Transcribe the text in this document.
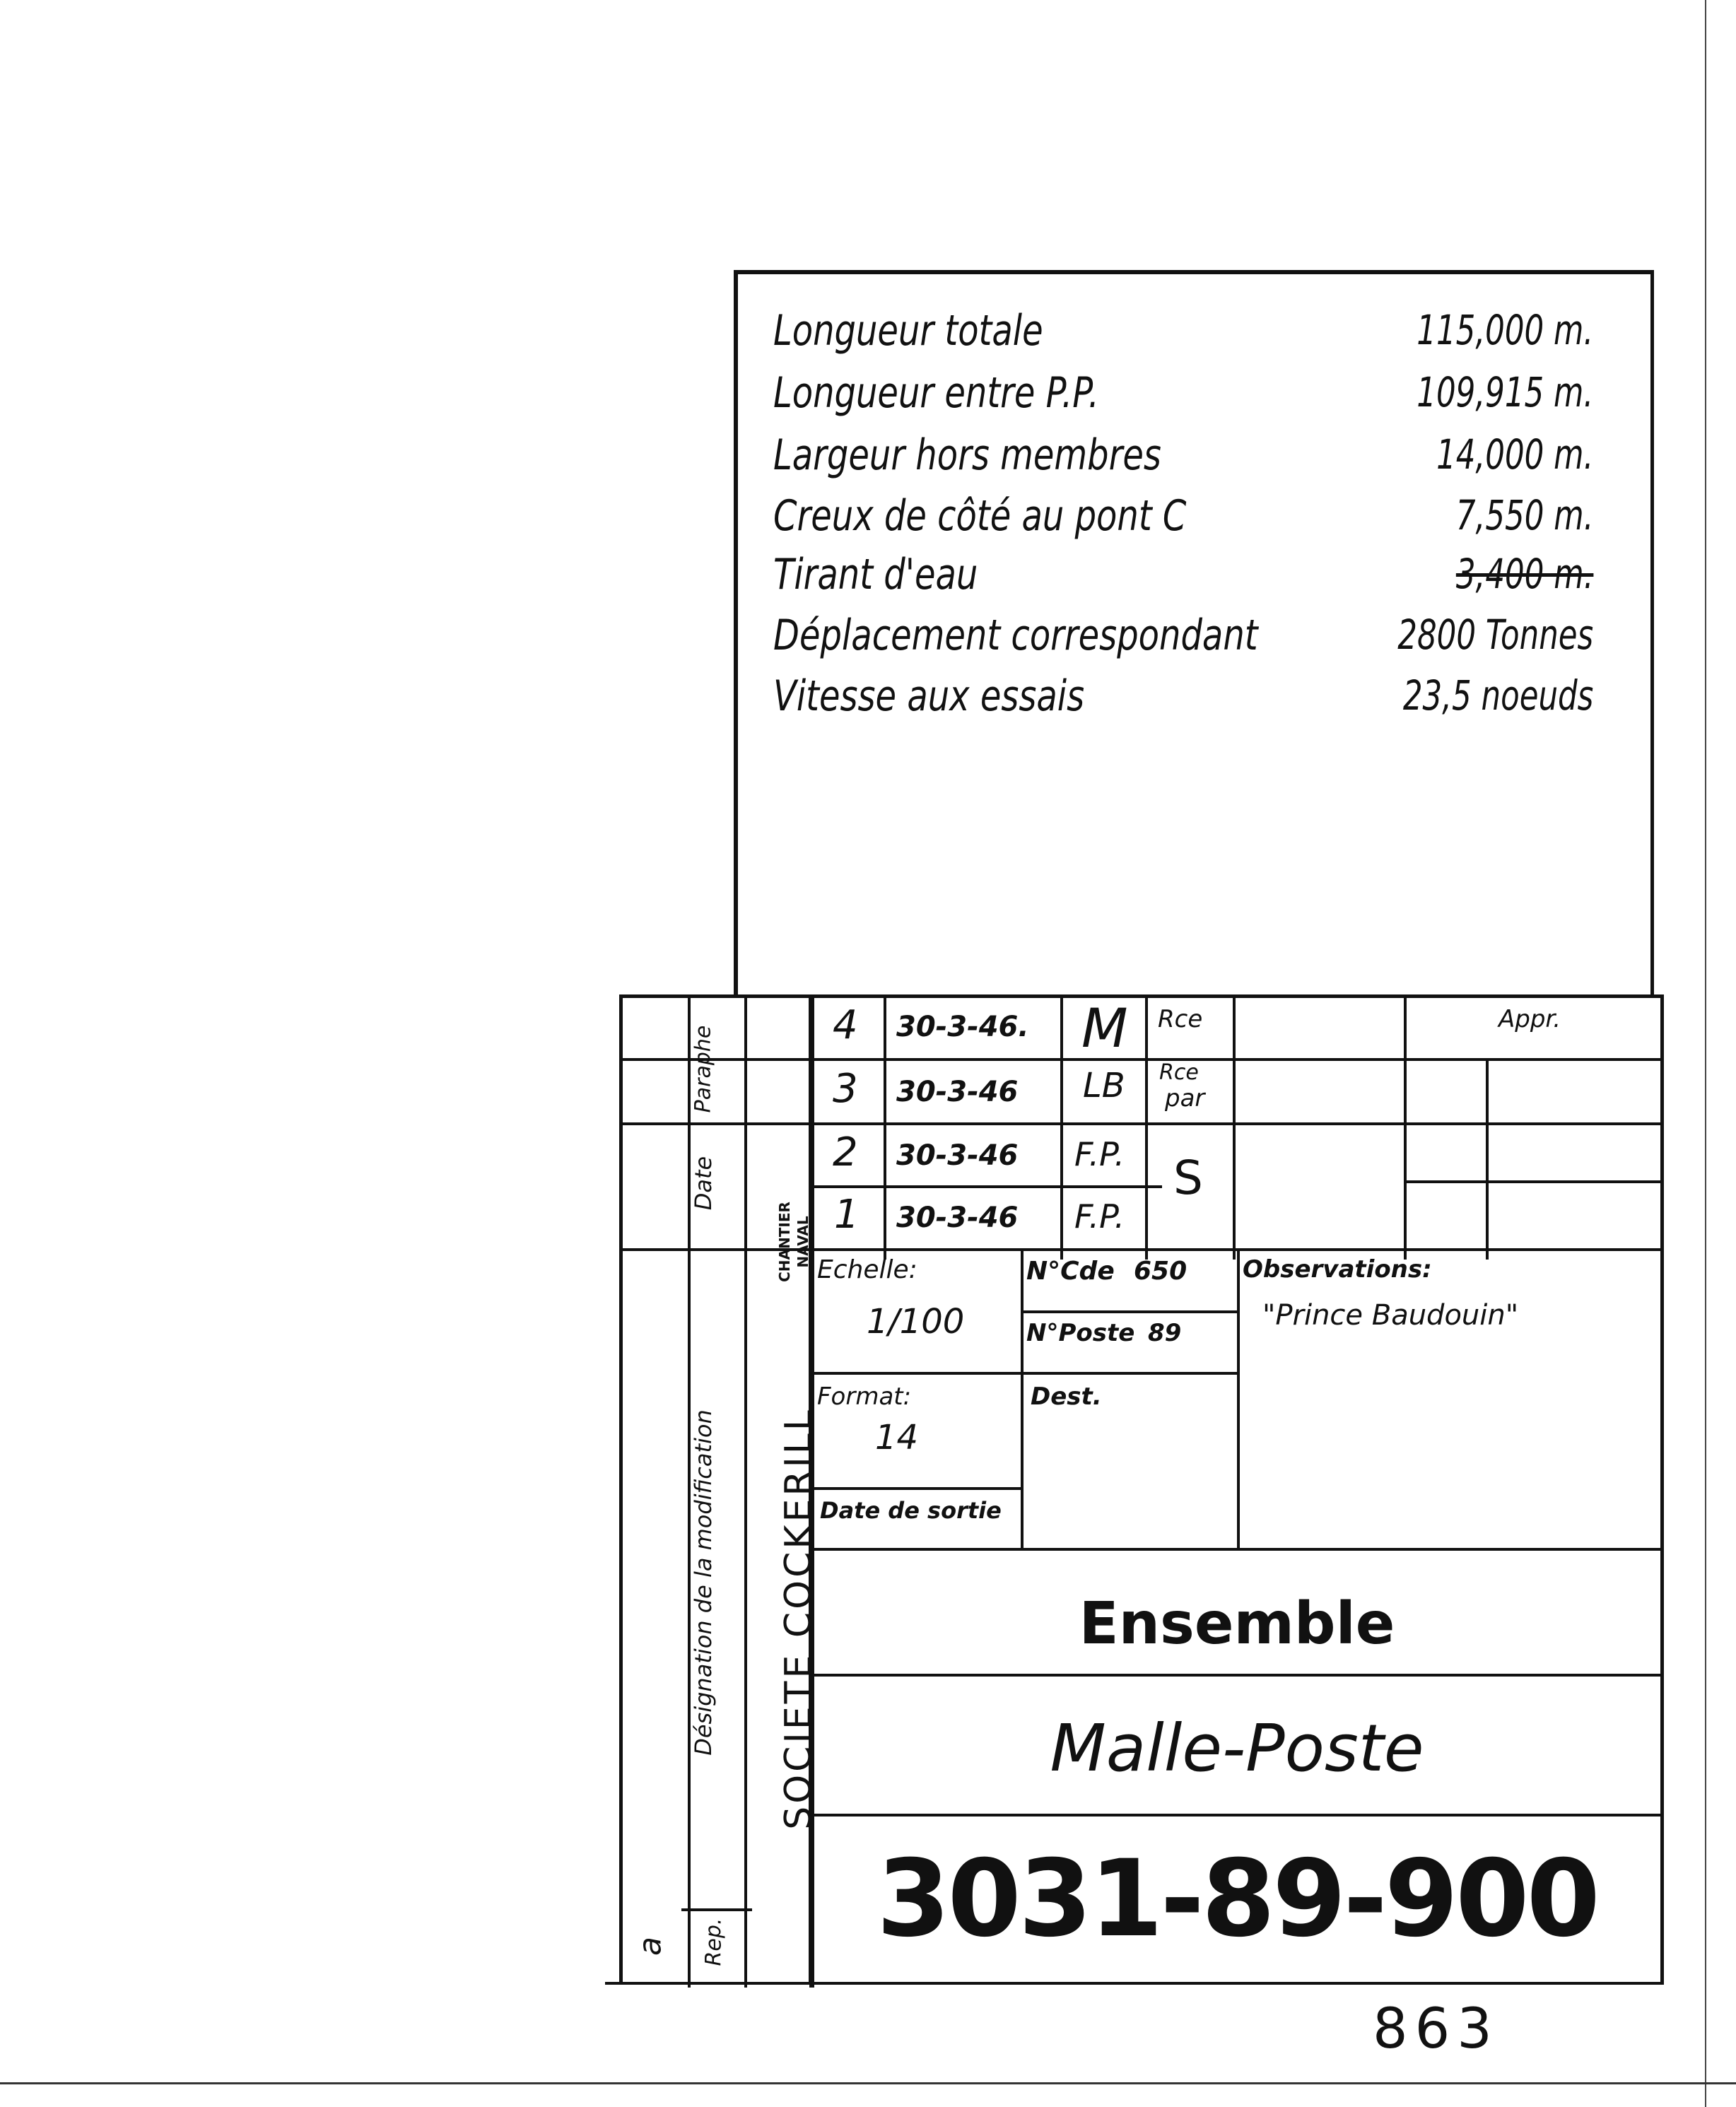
Longueur totale	115,000 m.
Longueur entre P.P.	109,915 m.
Largeur hors membres	14,000 m.
Creux de côté au pont C	7,550 m.
Tirant d'eau	3,400 m.
Déplacement correspondant	2800 Tonnes
Vitesse aux essais	23,5 noeuds
Paraphe
Date
Désignation de la modification
Rep.
a
CHANTIER NAVAL
SOCIETE COCKERILL
4 30-3-46. M
3 30-3-46 LB
2 30-3-46 F.P.
1 30-3-46 F.P.
Rce
Rce
par
S
Appr.
Echelle:
1/100
N°Cde 650
N°Poste 89
Observations:
"Prince Baudouin"
Format:
14
Dest.
Date de sortie
Ensemble
Malle-Poste
3031-89-900
863
